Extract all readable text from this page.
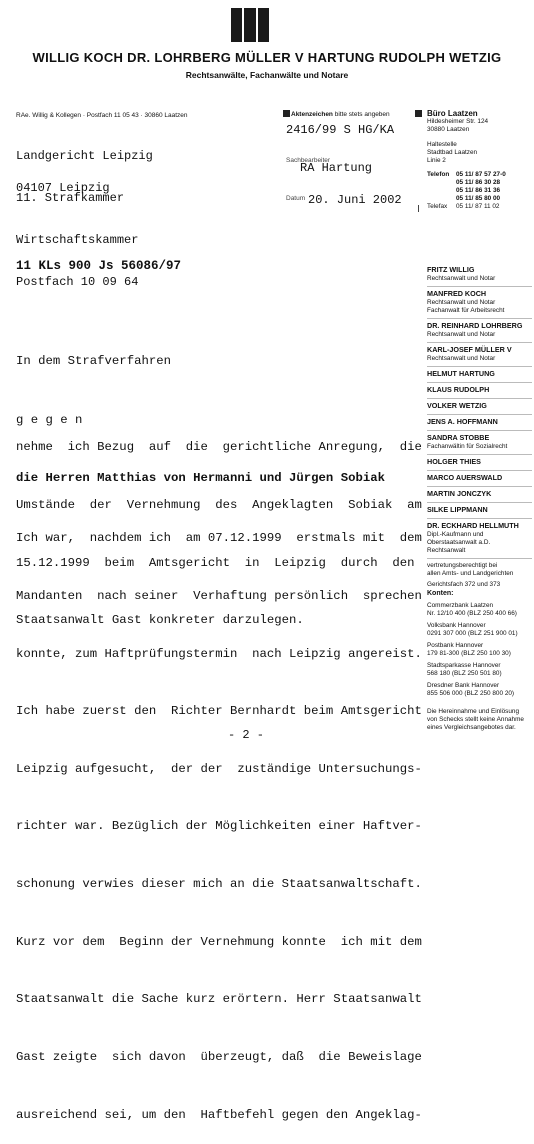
WILLIG KOCH DR. LOHRBERG MÜLLER V HARTUNG RUDOLPH WETZIG
Rechtsanwälte, Fachanwälte und Notare
RAe. Willig & Kollegen · Postfach 11 05 43 · 30860 Laatzen

Landgericht Leipzig

11. Strafkammer

Wirtschaftskammer

Postfach 10 09 64

04107 Leipzig
Aktenzeichen bitte stets angeben
2416/99 S HG/KA
Sachbearbeiter
RA Hartung
Datum 20. Juni 2002
Büro Laatzen
Hildesheimer Str. 124
30880 Laatzen
Haltestelle
Stadtbad Laatzen
Linie 2
Telefon	05 11/ 87 57 27-0
05 11/ 86 30 28
05 11/ 86 31 36
05 11/ 85 80 00
Telefax	05 11/ 87 11 02
FRITZ WILLIG
Rechtsanwalt und Notar
MANFRED KOCH
Rechtsanwalt und Notar
Fachanwalt für Arbeitsrecht
DR. REINHARD LOHRBERG
Rechtsanwalt und Notar
KARL-JOSEF MÜLLER V
Rechtsanwalt und Notar
HELMUT HARTUNG
KLAUS RUDOLPH
VOLKER WETZIG
JENS A. HOFFMANN
SANDRA STOBBE
Fachanwältin für Sozialrecht
HOLGER THIES
MARCO AUERSWALD
MARTIN JONCZYK
SILKE LIPPMANN
DR. ECKHARD HELLMUTH
Dipl.-Kaufmann und
Oberstaatsanwalt a.D.
Rechtsanwalt
vertretungsberechtigt bei
allen Amts- und Landgerichten
Gerichtsfach 372 und 373
Konten:
Commerzbank Laatzen
Nr. 12/10 400 (BLZ 250 400 66)
Volksbank Hannover
0291 307 000 (BLZ 251 900 01)
Postbank Hannover
179 81-300 (BLZ 250 100 30)
Stadtsparkasse Hannover
568 180 (BLZ 250 501 80)
Dresdner Bank Hannover
855 506 000 (BLZ 250 800 20)
Die Hereinnahme und Einlösung
von Schecks stellt keine Annahme
eines Vergleichsangebotes dar.
11 KLs 900 Js 56086/97

In dem Strafverfahren

g e g e n

die Herren Matthias von Hermanni und Jürgen Sobiak

nehme  ich Bezug  auf  die  gerichtliche Anregung,  die

Umstände  der  Vernehmung  des  Angeklagten  Sobiak  am

15.12.1999  beim  Amtsgericht  in  Leipzig  durch  den

Staatsanwalt Gast konkreter darzulegen.

Ich war,  nachdem ich  am 07.12.1999  erstmals mit  dem

Mandanten  nach seiner  Verhaftung persönlich  sprechen

konnte, zum Haftprüfungstermin  nach Leipzig angereist.

Ich habe zuerst den  Richter Bernhardt beim Amtsgericht

Leipzig aufgesucht,  der der  zuständige Untersuchungs-

richter war. Bezüglich der Möglichkeiten einer Haftver-

schonung verwies dieser mich an die Staatsanwaltschaft.

Kurz vor dem  Beginn der Vernehmung konnte  ich mit dem

Staatsanwalt die Sache kurz erörtern. Herr Staatsanwalt

Gast zeigte  sich davon  überzeugt, daß  die Beweislage

ausreichend sei, um den  Haftbefehl gegen den Angeklag-

- 2 -
